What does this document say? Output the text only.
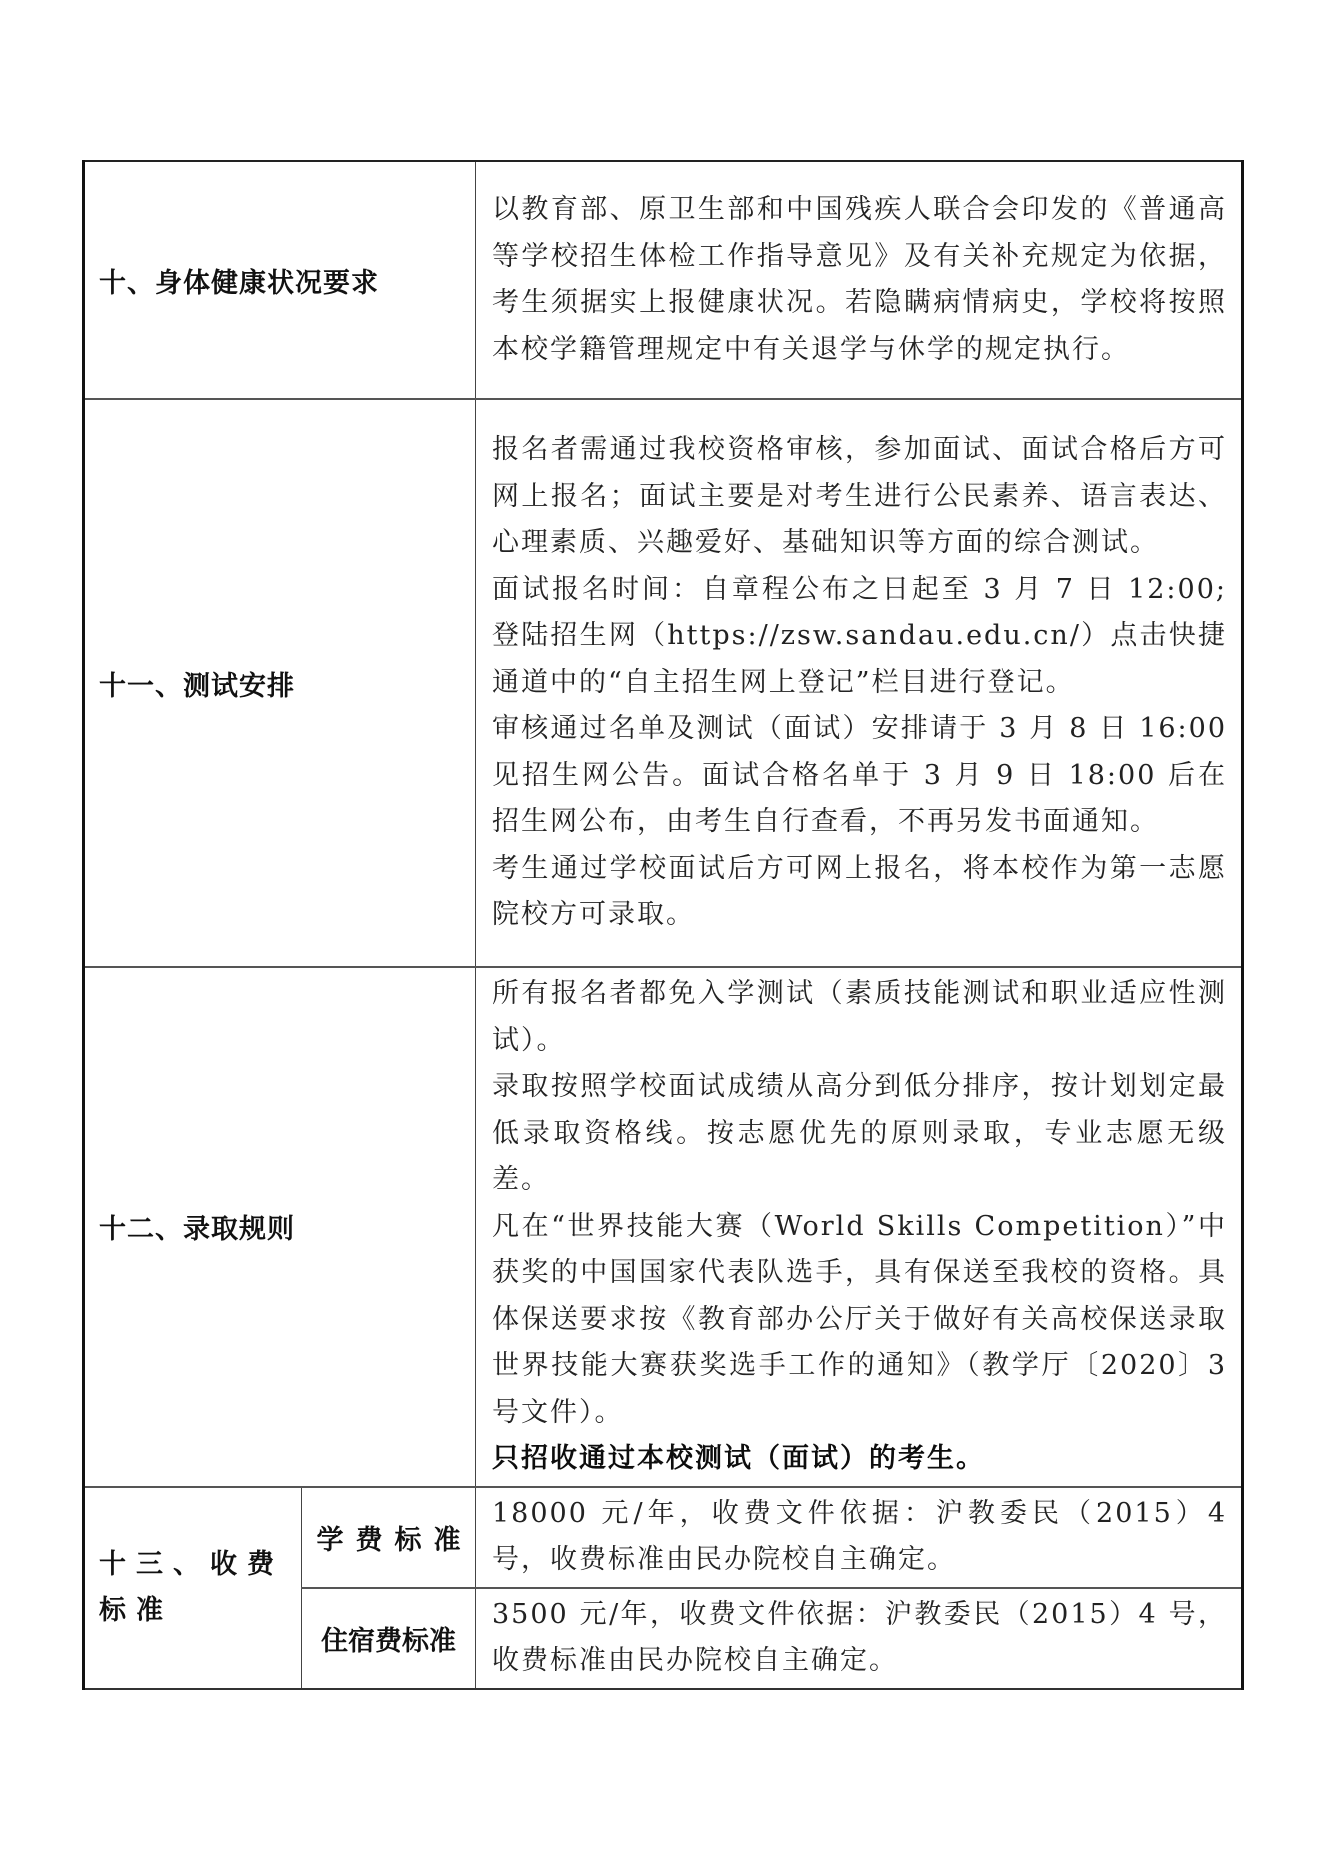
十、身体健康状况要求		以教育部、原卫生部和中国残疾人联合会印发的《普通高等学校招生体检工作指导意见》及有关补充规定为依据，考生须据实上报健康状况。若隐瞒病情病史，学校将按照本校学籍管理规定中有关退学与休学的规定执行。

十一、测试安排		报名者需通过我校资格审核，参加面试、面试合格后方可网上报名；面试主要是对考生进行公民素养、语言表达、心理素质、兴趣爱好、基础知识等方面的综合测试。

面试报名时间：自章程公布之日起至 3 月 7 日 12:00;登陆招生网（https://zsw.sandau.edu.cn/）点击快捷通道中的“自主招生网上登记”栏目进行登记。

审核通过名单及测试（面试）安排请于 3 月 8 日 16:00 见招生网公告。面试合格名单于 3 月 9 日 18:00 后在招生网公布，由考生自行查看，不再另发书面通知。

考生通过学校面试后方可网上报名，将本校作为第一志愿院校方可录取。

十二、录取规则		所有报名者都免入学测试（素质技能测试和职业适应性测试）。

录取按照学校面试成绩从高分到低分排序，按计划划定最低录取资格线。按志愿优先的原则录取，专业志愿无级差。

凡在“世界技能大赛（World Skills Competition）”中获奖的中国国家代表队选手，具有保送至我校的资格。具体保送要求按《教育部办公厅关于做好有关高校保送录取世界技能大赛获奖选手工作的通知》（教学厅〔2020〕3 号文件）。

只招收通过本校测试（面试）的考生。

十三、收费标准	学费标准	18000 元/年，收费文件依据：沪教委民（2015）4 号，收费标准由民办院校自主确定。

	住宿费标准	3500 元/年，收费文件依据：沪教委民（2015）4 号，收费标准由民办院校自主确定。
